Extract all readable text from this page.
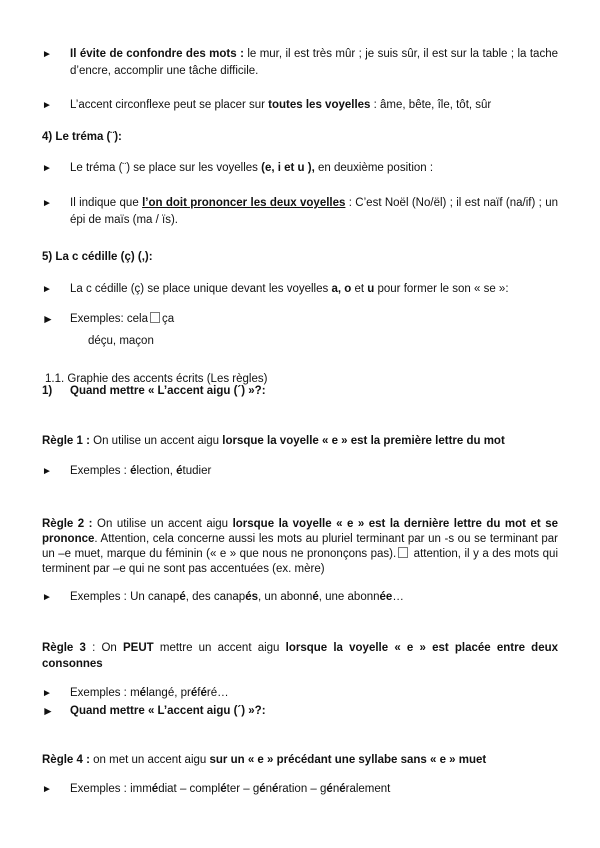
► Il évite de confondre des mots : le mur, il est très mûr ; je suis sûr, il est sur la table ; la tache d’encre, accomplir une tâche difficile.
► L’accent circonflexe peut se placer sur toutes les voyelles : âme, bête, île, tôt, sûr
4) Le tréma (¨):
► Le tréma (¨) se place sur les voyelles (e, i et u ), en deuxième position :
► Il indique que l’on doit prononcer les deux voyelles : C’est Noël (No/ël) ; il est naïf (na/if) ; un épi de maïs (ma / ïs).
5) La c cédille (ç) (,):
► La c cédille (ç) se place unique devant les voyelles a, o et u pour former le son « se »:
► Exemples: cela ça
déçu, maçon
1.1. Graphie des accents écrits (Les règles)
1) Quand mettre « L’accent aigu (´) »?:
Règle 1 : On utilise un accent aigu lorsque la voyelle « e » est la première lettre du mot
► Exemples : élection, étudier
Règle 2 : On utilise un accent aigu lorsque la voyelle « e » est la dernière lettre du mot et se prononce. Attention, cela concerne aussi les mots au pluriel terminant par un -s ou se terminant par un –e muet, marque du féminin (« e » que nous ne prononçons pas). attention, il y a des mots qui terminent par –e qui ne sont pas accentuées (ex. mère)
► Exemples : Un canapé, des canapés, un abonné, une abonnée…
Règle 3 : On PEUT mettre un accent aigu lorsque la voyelle « e » est placée entre deux consonnes
► Exemples : mélangé, préféré…
► Quand mettre « L’accent aigu (´) »?:
Règle 4 : on met un accent aigu sur un « e » précédant une syllabe sans « e » muet
► Exemples : immédiat – compléter – génération – généralement
